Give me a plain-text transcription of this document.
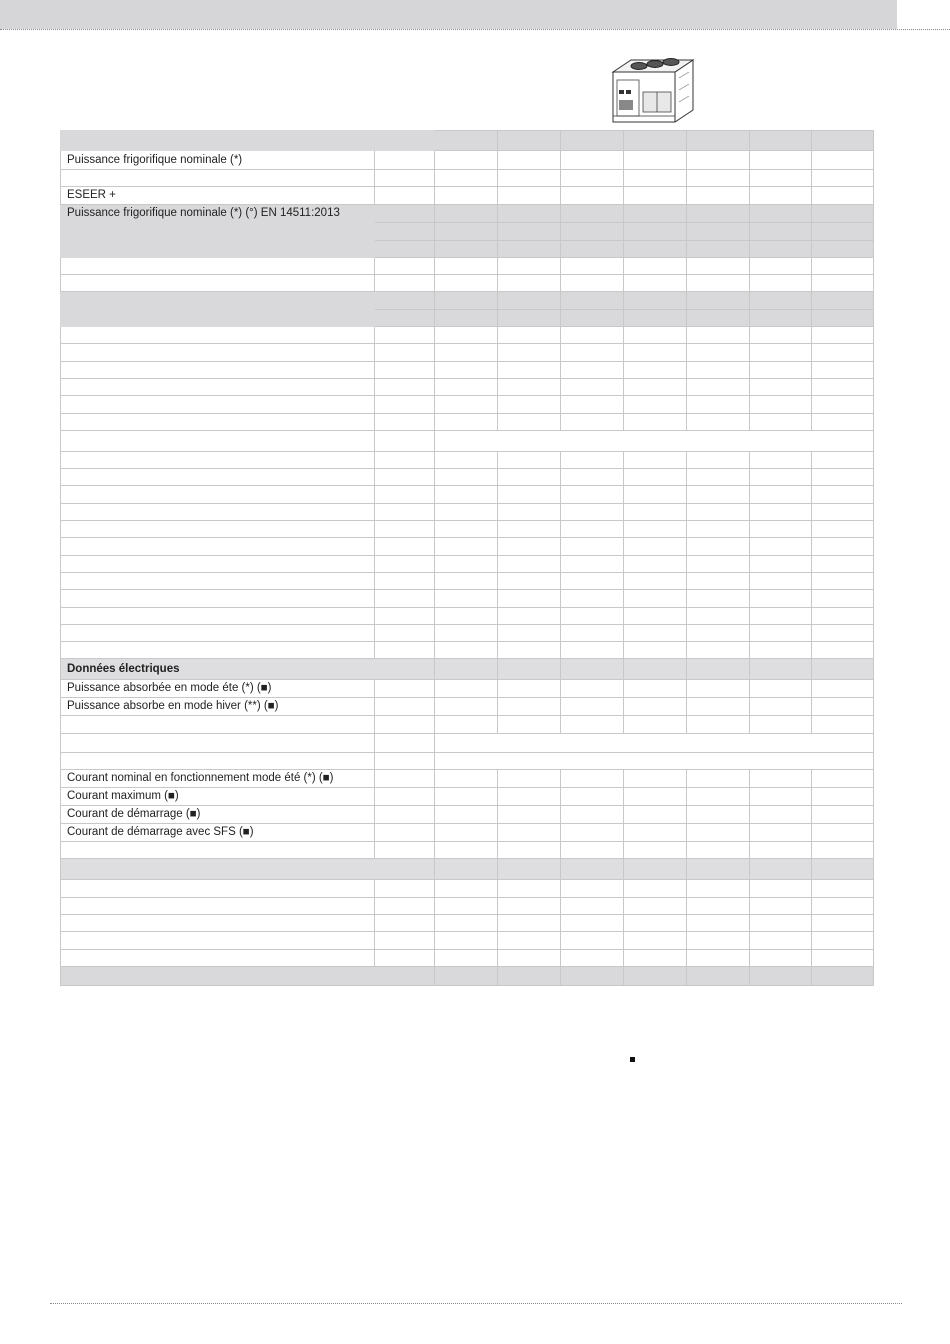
Puissance frigorifique nominale (*)								

ESEER +								
Puissance frigorifique nominale (*) (°) EN 14511:2013								

Données électriques								
Puissance absorbée en mode éte (*) (■)								
Puissance absorbe en mode hiver (**) (■)								

Courant nominal en fonctionnement mode été (*) (■)								
Courant maximum (■)								
Courant de démarrage (■)								
Courant de démarrage avec SFS (■)								
